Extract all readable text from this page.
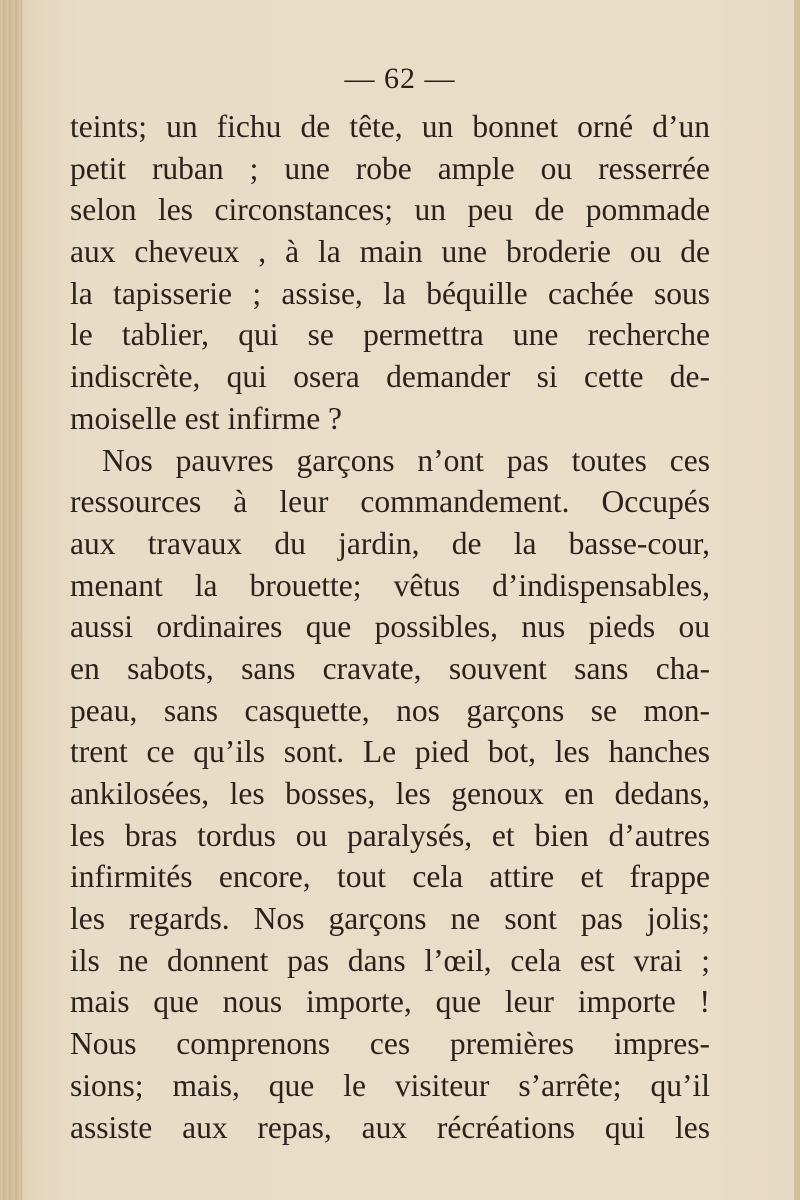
— 62 —
teints; un fichu de tête, un bonnet orné d’un
petit ruban ; une robe ample ou resserrée
selon les circonstances; un peu de pommade
aux cheveux , à la main une broderie ou de
la tapisserie ; assise, la béquille cachée sous
le tablier, qui se permettra une recherche
indiscrète, qui osera demander si cette de-
moiselle est infirme ?
Nos pauvres garçons n’ont pas toutes ces
ressources à leur commandement. Occupés
aux travaux du jardin, de la basse-cour,
menant la brouette; vêtus d’indispensables,
aussi ordinaires que possibles, nus pieds ou
en sabots, sans cravate, souvent sans cha-
peau, sans casquette, nos garçons se mon-
trent ce qu’ils sont. Le pied bot, les hanches
ankilosées, les bosses, les genoux en dedans,
les bras tordus ou paralysés, et bien d’autres
infirmités encore, tout cela attire et frappe
les regards. Nos garçons ne sont pas jolis;
ils ne donnent pas dans l’œil, cela est vrai ;
mais que nous importe, que leur importe !
Nous comprenons ces premières impres-
sions; mais, que le visiteur s’arrête; qu’il
assiste aux repas, aux récréations qui les
